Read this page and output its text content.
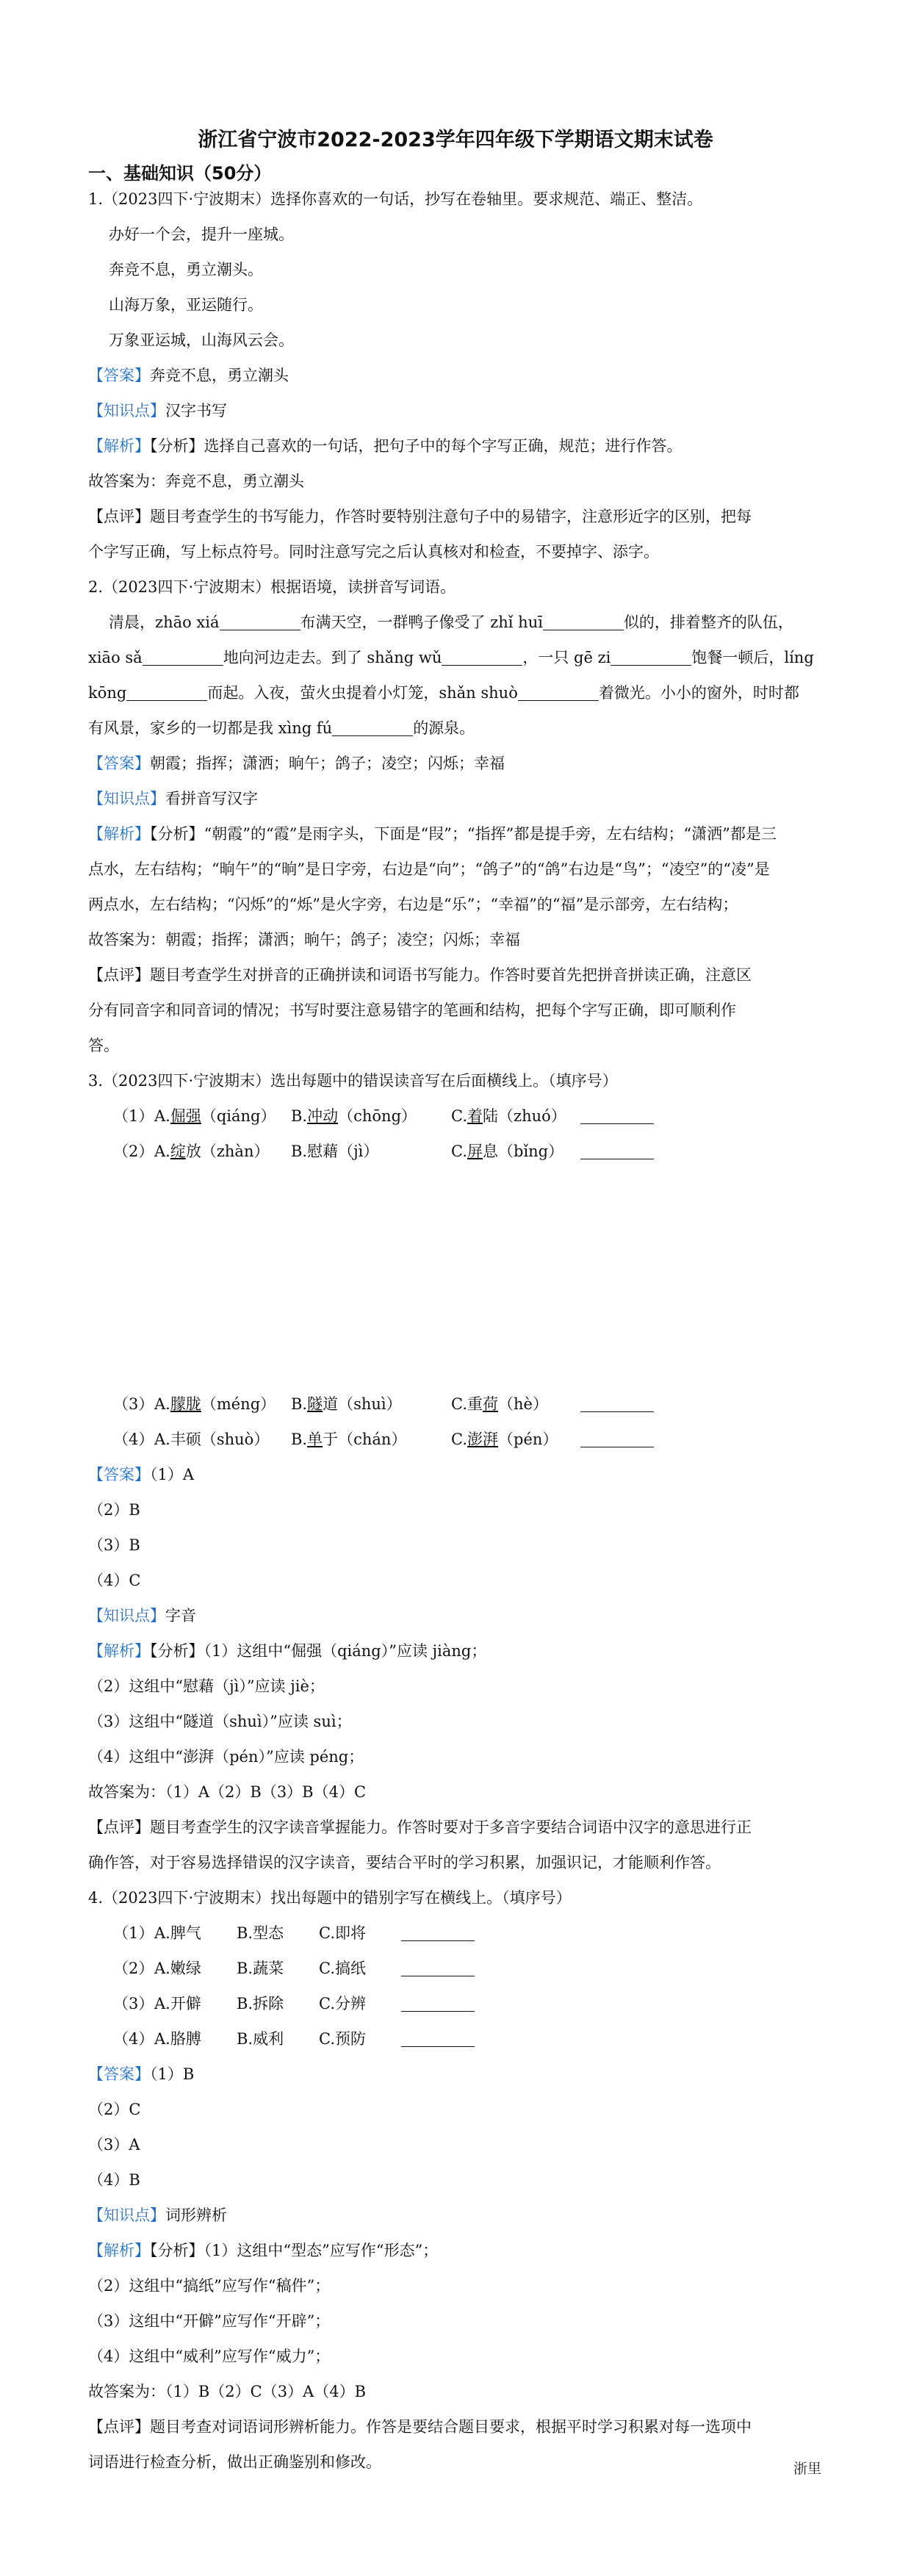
浙江省宁波市2022-2023学年四年级下学期语文期末试卷
一、基础知识（50分）
1.（2023四下·宁波期末）选择你喜欢的一句话，抄写在卷轴里。要求规范、端正、整洁。
办好一个会，提升一座城。
奔竞不息，勇立潮头。
山海万象，亚运随行。
万象亚运城，山海风云会。
【答案】奔竞不息，勇立潮头
【知识点】汉字书写
【解析】【分析】选择自己喜欢的一句话，把句子中的每个字写正确，规范；进行作答。
故答案为：奔竞不息，勇立潮头
【点评】题目考查学生的书写能力，作答时要特别注意句子中的易错字，注意形近字的区别，把每
个字写正确，写上标点符号。同时注意写完之后认真核对和检查，不要掉字、添字。
2.（2023四下·宁波期末）根据语境，读拼音写词语。
清晨，zhāo xiá	布满天空，一群鸭子像受了 zhǐ huī	似的，排着整齐的队伍，
xiāo sǎ	地向河边走去。到了 shǎng wǔ	，一只 gē zi	饱餐一顿后，líng
kōng	而起。入夜，萤火虫提着小灯笼，shǎn shuò	着微光。小小的窗外，时时都
有风景，家乡的一切都是我 xìng fú	的源泉。
【答案】朝霞；指挥；潇洒；晌午；鸽子；凌空；闪烁；幸福
【知识点】看拼音写汉字
【解析】【分析】“朝霞”的“霞”是雨字头，下面是“叚”；“指挥”都是提手旁，左右结构；“潇洒”都是三
点水，左右结构；“晌午”的“晌”是日字旁，右边是“向”；“鸽子”的“鸽”右边是“鸟”；“凌空”的“凌”是
两点水，左右结构；“闪烁”的“烁”是火字旁，右边是“乐”；“幸福”的“福”是示部旁，左右结构；
故答案为：朝霞；指挥；潇洒；晌午；鸽子；凌空；闪烁；幸福
【点评】题目考查学生对拼音的正确拼读和词语书写能力。作答时要首先把拼音拼读正确，注意区
分有同音字和同音词的情况；书写时要注意易错字的笔画和结构，把每个字写正确，即可顺利作
答。
3.（2023四下·宁波期末）选出每题中的错误读音写在后面横线上。（填序号）
（1）A.倔强（qiáng） B.冲动（chōng） C.着陆（zhuó）
（2）A.绽放（zhàn） B.慰藉（jì）	C.屏息（bǐng）
（3）A.朦胧（méng） B.隧道（shuì）	C.重荷（hè）
（4）A.丰硕（shuò） B.单于（chán）	C.澎湃（pén）
【答案】（1）A
（2）B
（3）B
（4）C
【知识点】字音
【解析】【分析】（1）这组中“倔强（qiáng）”应读 jiàng；
（2）这组中“慰藉（jì）”应读 jiè；
（3）这组中“隧道（shuì）”应读 suì；
（4）这组中“澎湃（pén）”应读 péng；
故答案为：（1）A（2）B（3）B（4）C
【点评】题目考查学生的汉字读音掌握能力。作答时要对于多音字要结合词语中汉字的意思进行正
确作答，对于容易选择错误的汉字读音，要结合平时的学习积累，加强识记，才能顺利作答。
4.（2023四下·宁波期末）找出每题中的错别字写在横线上。（填序号）
（1）A.脾气 B.型态 C.即将
（2）A.嫩绿 B.蔬菜 C.搞纸
（3）A.开僻 B.拆除 C.分辨
（4）A.胳膊 B.威利 C.预防
【答案】（1）B
（2）C
（3）A
（4）B
【知识点】词形辨析
【解析】【分析】（1）这组中“型态”应写作“形态”；
（2）这组中“搞纸”应写作“稿件”；
（3）这组中“开僻”应写作“开辟”；
（4）这组中“威利”应写作“威力”；
故答案为：（1）B（2）C（3）A（4）B
【点评】题目考查对词语词形辨析能力。作答是要结合题目要求，根据平时学习积累对每一选项中
词语进行检查分析，做出正确鉴别和修改。	浙里
